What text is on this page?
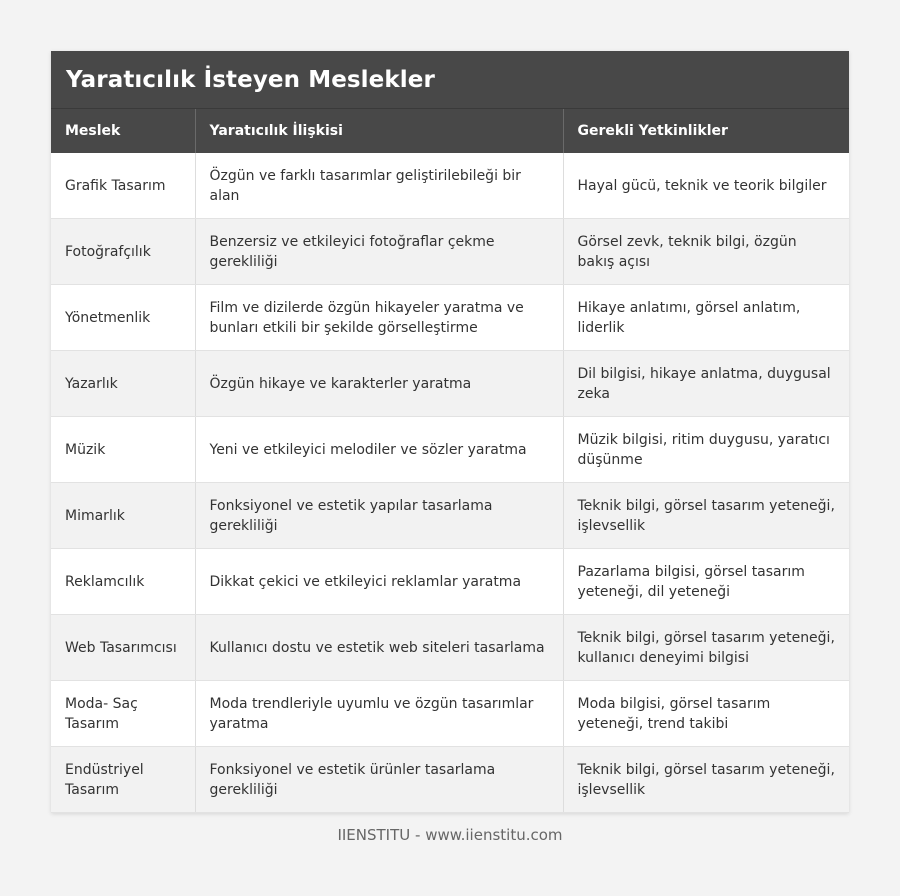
Yaratıcılık İsteyen Meslekler
Meslek	Yaratıcılık İlişkisi	Gerekli Yetkinlikler
Grafik Tasarım	Özgün ve farklı tasarımlar geliştirilebileği bir alan	Hayal gücü, teknik ve teorik bilgiler
Fotoğrafçılık	Benzersiz ve etkileyici fotoğraflar çekme gerekliliği	Görsel zevk, teknik bilgi, özgün bakış açısı
Yönetmenlik	Film ve dizilerde özgün hikayeler yaratma ve bunları etkili bir şekilde görselleştirme	Hikaye anlatımı, görsel anlatım, liderlik
Yazarlık	Özgün hikaye ve karakterler yaratma	Dil bilgisi, hikaye anlatma, duygusal zeka
Müzik	Yeni ve etkileyici melodiler ve sözler yaratma	Müzik bilgisi, ritim duygusu, yaratıcı düşünme
Mimarlık	Fonksiyonel ve estetik yapılar tasarlama gerekliliği	Teknik bilgi, görsel tasarım yeteneği, işlevsellik
Reklamcılık	Dikkat çekici ve etkileyici reklamlar yaratma	Pazarlama bilgisi, görsel tasarım yeteneği, dil yeteneği
Web Tasarımcısı	Kullanıcı dostu ve estetik web siteleri tasarlama	Teknik bilgi, görsel tasarım yeteneği, kullanıcı deneyimi bilgisi
Moda- Saç Tasarım	Moda trendleriyle uyumlu ve özgün tasarımlar yaratma	Moda bilgisi, görsel tasarım yeteneği, trend takibi
Endüstriyel Tasarım	Fonksiyonel ve estetik ürünler tasarlama gerekliliği	Teknik bilgi, görsel tasarım yeteneği, işlevsellik
IIENSTITU - www.iienstitu.com
